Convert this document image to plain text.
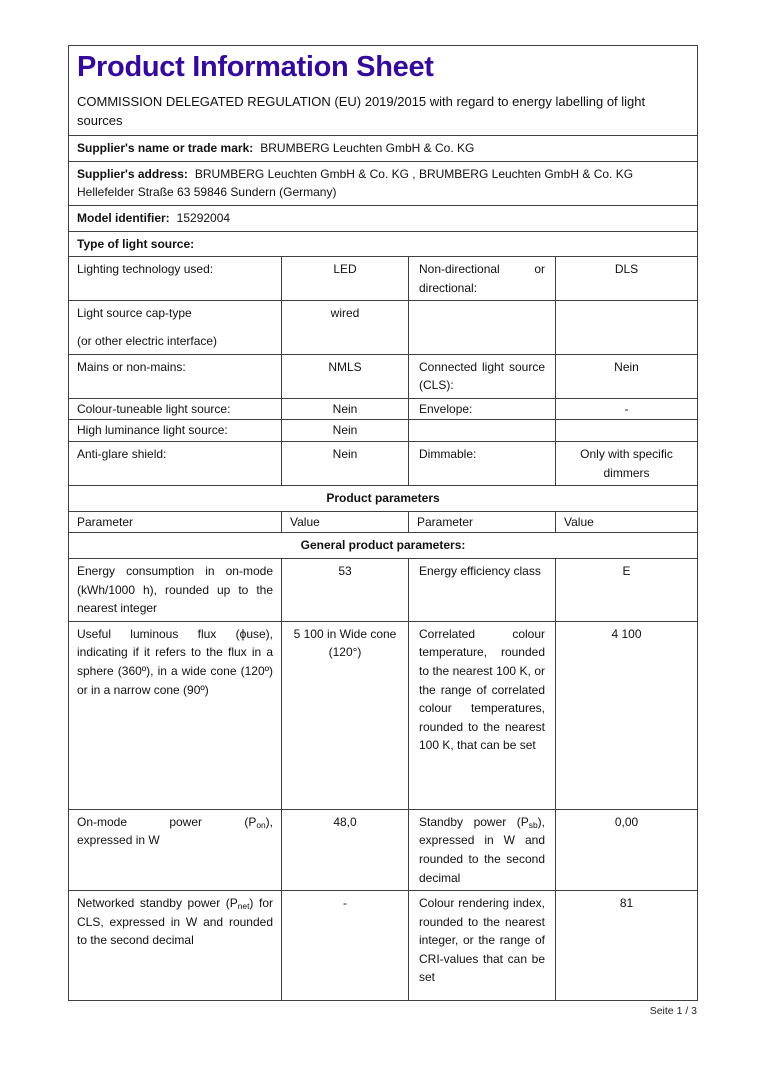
Product Information Sheet
COMMISSION DELEGATED REGULATION (EU) 2019/2015 with regard to energy labelling of light sources

Supplier's name or trade mark: BRUMBERG Leuchten GmbH & Co. KG			
Supplier's address: BRUMBERG Leuchten GmbH & Co. KG , BRUMBERG Leuchten GmbH & Co. KG Hellefelder Straße 63 59846 Sundern (Germany)			
Model identifier: 15292004			
Type of light source:			
Lighting technology used:	LED	Non-directional or directional:	DLS

Light source cap-type
(or other electric interface)	wired		
Mains or non-mains:	NMLS	Connected light source (CLS):	Nein
Colour-tuneable light source:	Nein	Envelope:	-
High luminance light source:	Nein		
Anti-glare shield:	Nein	Dimmable:	Only with specific dimmers
Product parameters			
Parameter	Value	Parameter	Value
General product parameters:			
Energy consumption in on-mode (kWh/1000 h), rounded up to the nearest integer	53	Energy efficiency class	E
Useful luminous flux (ϕuse), indicating if it refers to the flux in a sphere (360º), in a wide cone (120º) or in a narrow cone (90º)	5 100 in Wide cone (120°)	Correlated colour temperature, rounded to the nearest 100 K, or the range of correlated colour temperatures, rounded to the nearest 100 K, that can be set	4 100

On-mode power $(P_{on})$,
expressed in W	48,0	Standby power $(P_{sb})$, expressed in W and rounded to the second decimal	0,00
Networked standby power $(P_{net})$ for CLS, expressed in W and rounded to the second decimal	-	Colour rendering index, rounded to the nearest integer, or the range of CRI-values that can be set	81
Seite 1 / 3
